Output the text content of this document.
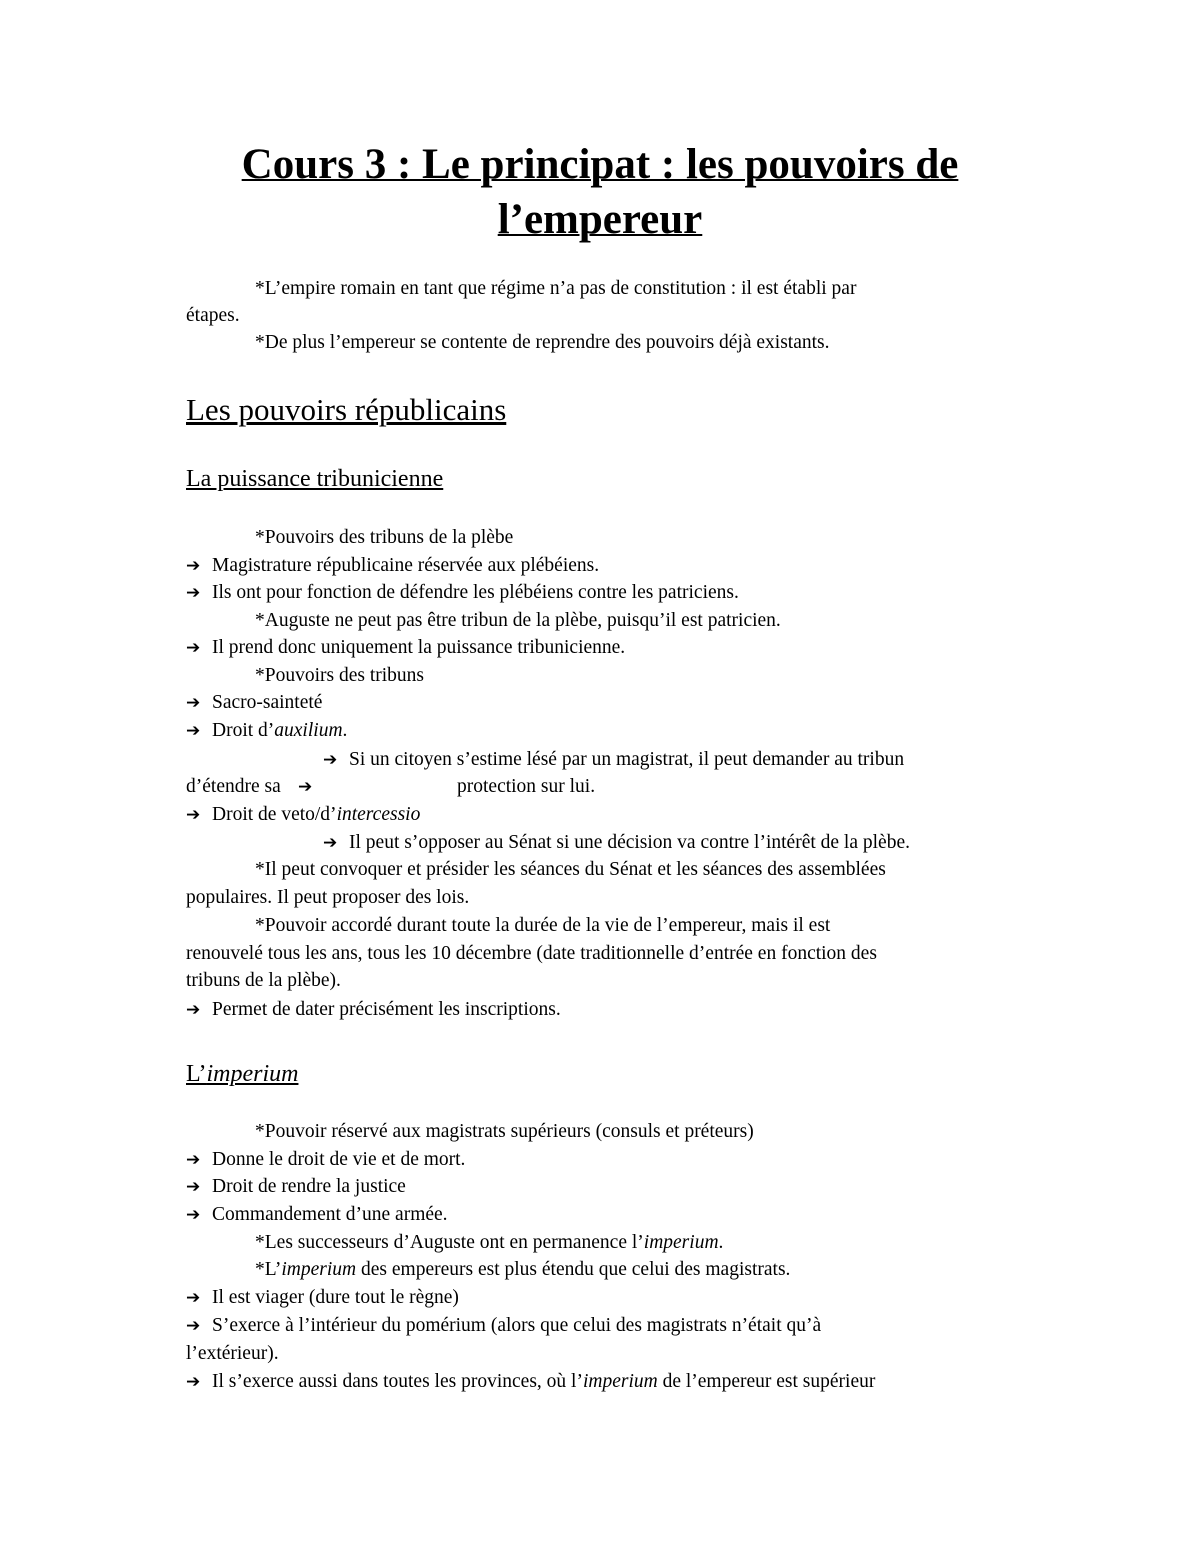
Cours 3 : Le principat : les pouvoirs de
l’empereur

*L’empire romain en tant que régime n’a pas de constitution : il est établi par

étapes.

*De plus l’empereur se contente de reprendre des pouvoirs déjà existants.

Les pouvoirs républicains
La puissance tribunicienne

*Pouvoirs des tribuns de la plèbe

➔ Magistrature républicaine réservée aux plébéiens.

➔ Ils ont pour fonction de défendre les plébéiens contre les patriciens.

*Auguste ne peut pas être tribun de la plèbe, puisqu’il est patricien.

➔ Il prend donc uniquement la puissance tribunicienne.

*Pouvoirs des tribuns

➔ Sacro-sainteté

➔ Droit d’auxilium.

➔ Si un citoyen s’estime lésé par un magistrat, il peut demander au tribun

d’étendre sa ➔	protection sur lui.

➔ Droit de veto/d’intercessio

➔ Il peut s’opposer au Sénat si une décision va contre l’intérêt de la plèbe.

*Il peut convoquer et présider les séances du Sénat et les séances des assemblées

populaires. Il peut proposer des lois.

*Pouvoir accordé durant toute la durée de la vie de l’empereur, mais il est

renouvelé tous les ans, tous les 10 décembre (date traditionnelle d’entrée en fonction des

tribuns de la plèbe).

➔ Permet de dater précisément les inscriptions.

L’imperium

*Pouvoir réservé aux magistrats supérieurs (consuls et préteurs)

➔ Donne le droit de vie et de mort.

➔ Droit de rendre la justice

➔ Commandement d’une armée.

*Les successeurs d’Auguste ont en permanence l’imperium.

*L’imperium des empereurs est plus étendu que celui des magistrats.

➔ Il est viager (dure tout le règne)

➔ S’exerce à l’intérieur du pomérium (alors que celui des magistrats n’était qu’à

l’extérieur).

➔ Il s’exerce aussi dans toutes les provinces, où l’imperium de l’empereur est supérieur
